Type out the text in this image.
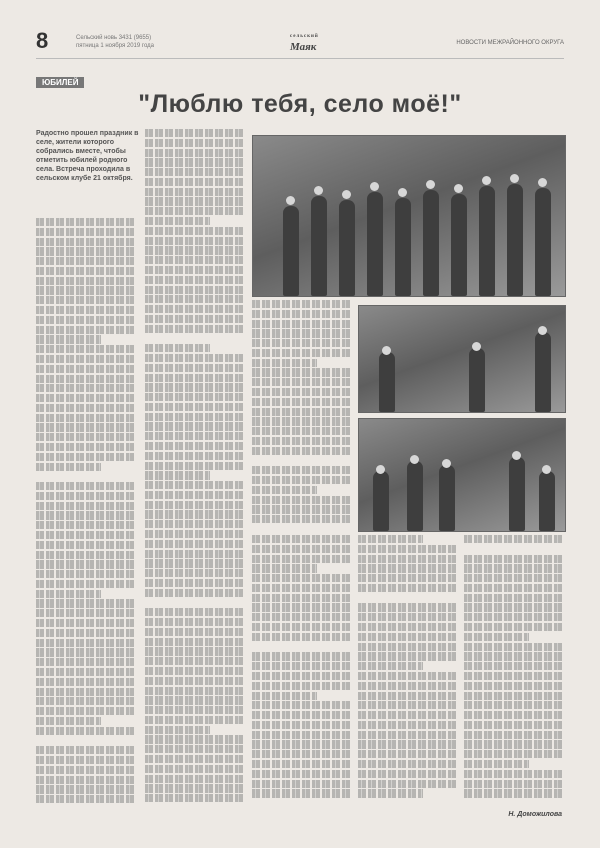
8	Сельский новь 3431 (9655)
пятница 1 ноября 2019 года
сельский
Маяк	НОВОСТИ МЕЖРАЙОННОГО ОКРУГА
ЮБИЛЕЙ
"Люблю тебя, село моё!"
Радостно прошел праздник в селе, жители которого собрались вместе, чтобы отметить юбилей родного села. Встреча проходила в сельском клубе 21 октября.
Н. Доможилова
